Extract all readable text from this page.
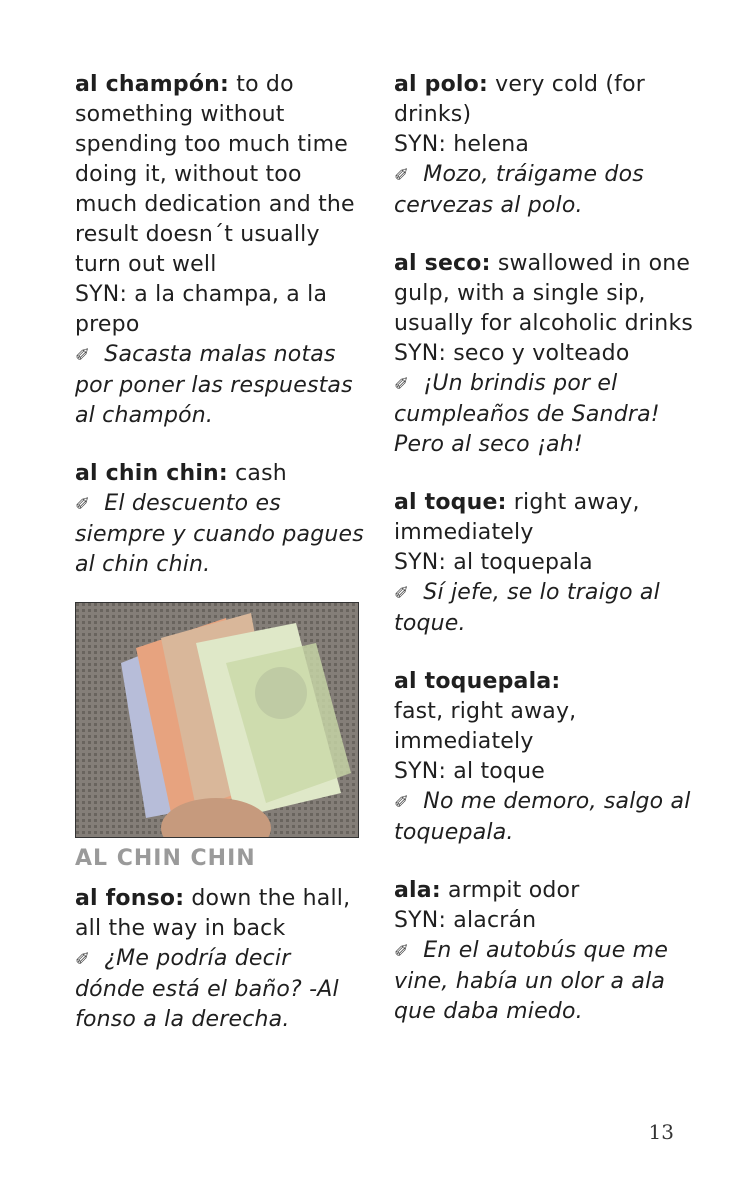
al champón: to do something without spending too much time doing it, without too much dedication and the result doesn´t usually turn out well
SYN: a la champa, a la prepo
✐ Sacasta malas notas por poner las respuestas al champón.
al chin chin: cash
✐ El descuento es siempre y cuando pagues al chin chin.
AL CHIN CHIN
al fonso: down the hall, all the way in back
✐ ¿Me podría decir dónde está el baño? -Al fonso a la derecha.
al polo: very cold (for drinks)
SYN: helena
✐ Mozo, tráigame dos cervezas al polo.
al seco: swallowed in one gulp, with a single sip, usually for alcoholic drinks
SYN: seco y volteado
✐ ¡Un brindis por el cumpleaños de Sandra! Pero al seco ¡ah!
al toque: right away, immediately
SYN: al toquepala
✐ Sí jefe, se lo traigo al toque.
al toquepala:
fast, right away, immediately
SYN: al toque
✐ No me demoro, salgo al toquepala.
ala: armpit odor
SYN: alacrán
✐ En el autobús que me vine, había un olor a ala que daba miedo.
13
